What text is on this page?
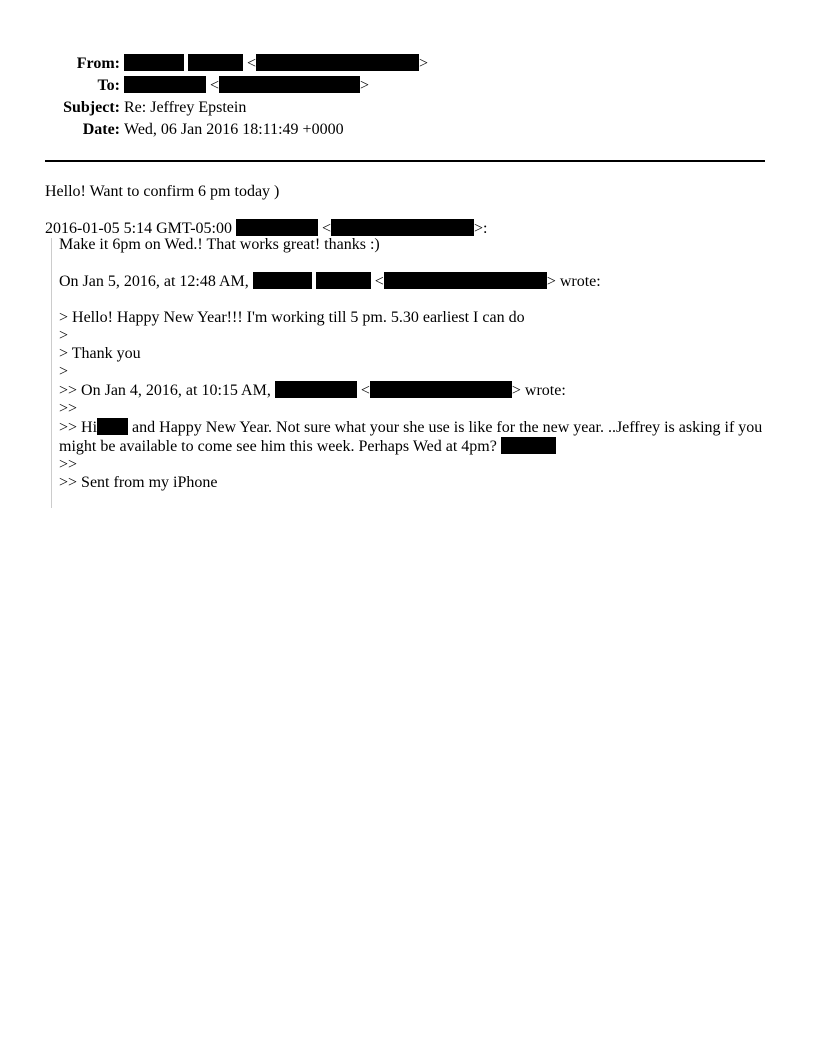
From:	<	>
To:	<	>
Subject: Re: Jeffrey Epstein
Date: Wed, 06 Jan 2016 18:11:49 +0000
Hello! Want to confirm 6 pm today )
2016-01-05 5:14 GMT-05:00	<	>:
Make it 6pm on Wed.! That works great! thanks :)
On Jan 5, 2016, at 12:48 AM,	<	> wrote:
> Hello! Happy New Year!!! I'm working till 5 pm. 5.30 earliest I can do
>
> Thank you
>
>> On Jan 4, 2016, at 10:15 AM,	<	> wrote:
>>
>> Hi and Happy New Year. Not sure what your she use is like for the new year. ..Jeffrey is asking if you might be available to come see him this week. Perhaps Wed at 4pm?
>>
>> Sent from my iPhone
